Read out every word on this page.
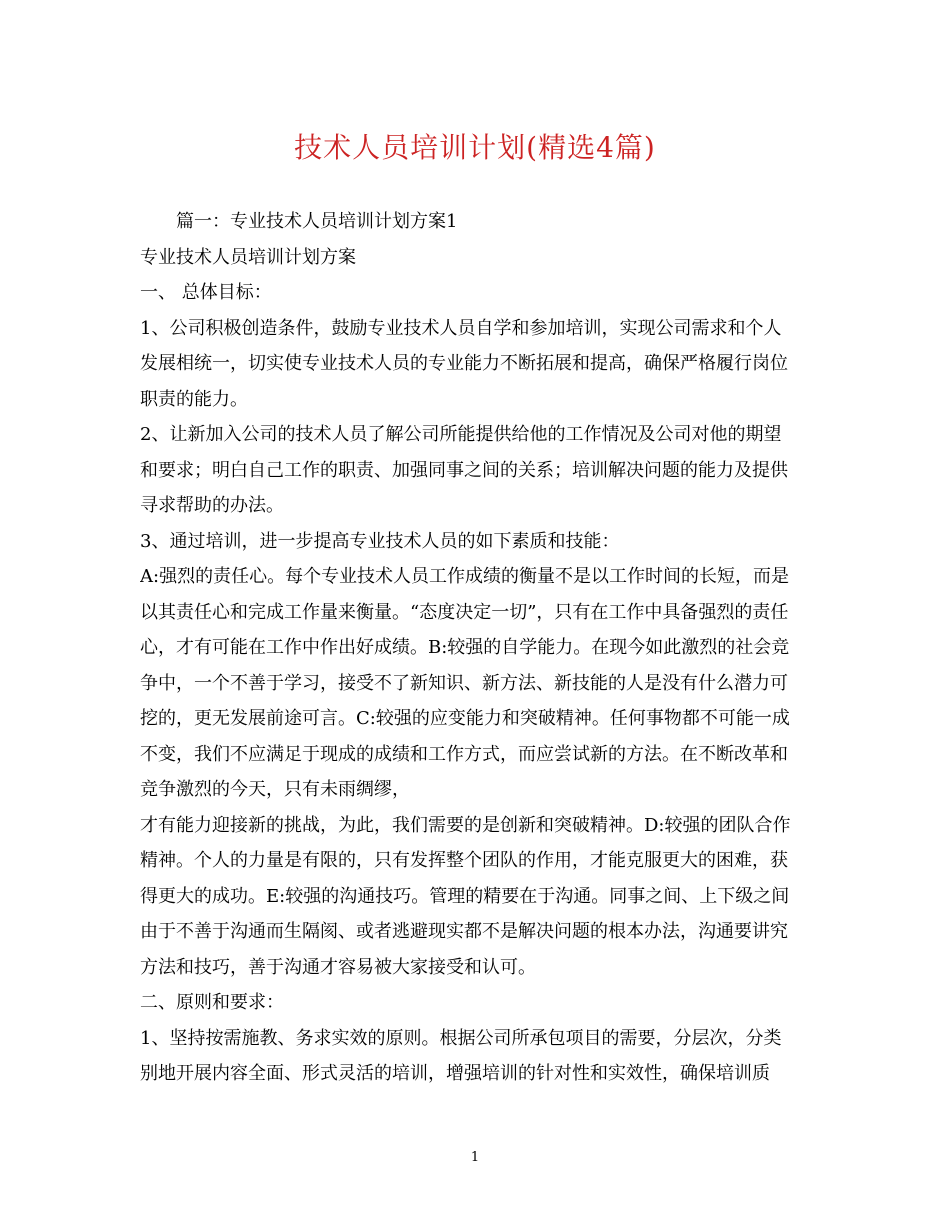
技术人员培训计划(精选4篇)
篇一：专业技术人员培训计划方案1
专业技术人员培训计划方案
一、 总体目标：
1、公司积极创造条件，鼓励专业技术人员自学和参加培训，实现公司需求和个人
发展相统一，切实使专业技术人员的专业能力不断拓展和提高，确保严格履行岗位
职责的能力。
2、让新加入公司的技术人员了解公司所能提供给他的工作情况及公司对他的期望
和要求；明白自己工作的职责、加强同事之间的关系；培训解决问题的能力及提供
寻求帮助的办法。
3、通过培训，进一步提高专业技术人员的如下素质和技能：
A:强烈的责任心。每个专业技术人员工作成绩的衡量不是以工作时间的长短，而是
以其责任心和完成工作量来衡量。“态度决定一切”，只有在工作中具备强烈的责任
心，才有可能在工作中作出好成绩。B:较强的自学能力。在现今如此激烈的社会竞
争中，一个不善于学习，接受不了新知识、新方法、新技能的人是没有什么潜力可
挖的，更无发展前途可言。C:较强的应变能力和突破精神。任何事物都不可能一成
不变，我们不应满足于现成的成绩和工作方式，而应尝试新的方法。在不断改革和
竞争激烈的今天，只有未雨绸缪，
才有能力迎接新的挑战，为此，我们需要的是创新和突破精神。D:较强的团队合作
精神。个人的力量是有限的，只有发挥整个团队的作用，才能克服更大的困难，获
得更大的成功。E:较强的沟通技巧。管理的精要在于沟通。同事之间、上下级之间
由于不善于沟通而生隔阂、或者逃避现实都不是解决问题的根本办法，沟通要讲究
方法和技巧，善于沟通才容易被大家接受和认可。
二、原则和要求：
1、坚持按需施教、务求实效的原则。根据公司所承包项目的需要，分层次，分类
别地开展内容全面、形式灵活的培训，增强培训的针对性和实效性，确保培训质
1
